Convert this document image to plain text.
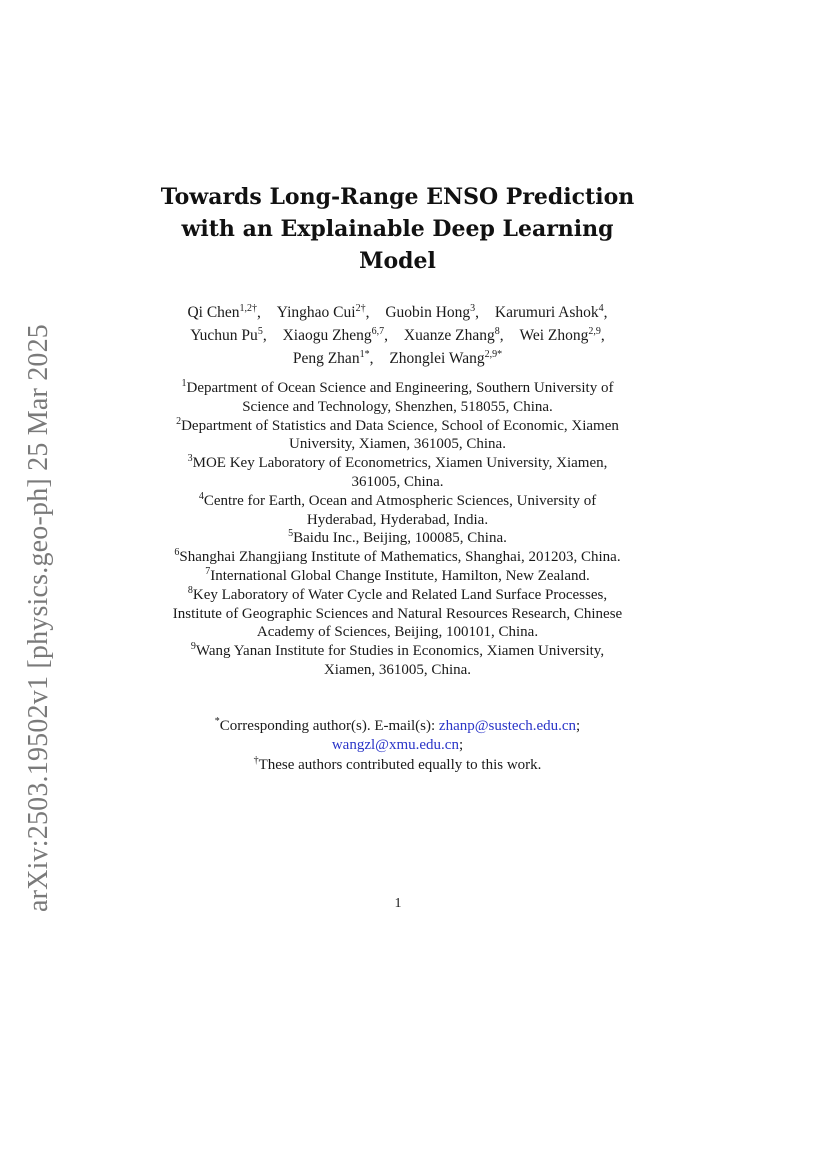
arXiv:2503.19502v1 [physics.geo-ph] 25 Mar 2025
Towards Long-Range ENSO Prediction
with an Explainable Deep Learning
Model
Qi Chen$^{1,2\dagger}$, Yinghao Cui$^{2\dagger}$, Guobin Hong$^3$, Karumuri Ashok$^4$,
Yuchun Pu$^5$, Xiaogu Zheng$^{6,7}$, Xuanze Zhang$^8$, Wei Zhong$^{2,9}$,
Peng Zhan$^{1*}$, Zhonglei Wang$^{2,9*}$

$^1$Department of Ocean Science and Engineering, Southern University of
Science and Technology, Shenzhen, 518055, China.

$^2$Department of Statistics and Data Science, School of Economic, Xiamen
University, Xiamen, 361005, China.

$^3$MOE Key Laboratory of Econometrics, Xiamen University, Xiamen,
361005, China.

$^4$Centre for Earth, Ocean and Atmospheric Sciences, University of
Hyderabad, Hyderabad, India.

$^5$Baidu Inc., Beijing, 100085, China.

$^6$Shanghai Zhangjiang Institute of Mathematics, Shanghai, 201203, China.

$^7$International Global Change Institute, Hamilton, New Zealand.

$^8$Key Laboratory of Water Cycle and Related Land Surface Processes,
Institute of Geographic Sciences and Natural Resources Research, Chinese
Academy of Sciences, Beijing, 100101, China.

$^9$Wang Yanan Institute for Studies in Economics, Xiamen University,
Xiamen, 361005, China.

*Corresponding author(s). E-mail(s): zhanp@sustech.edu.cn;
wangzl@xmu.edu.cn;
†These authors contributed equally to this work.
1
